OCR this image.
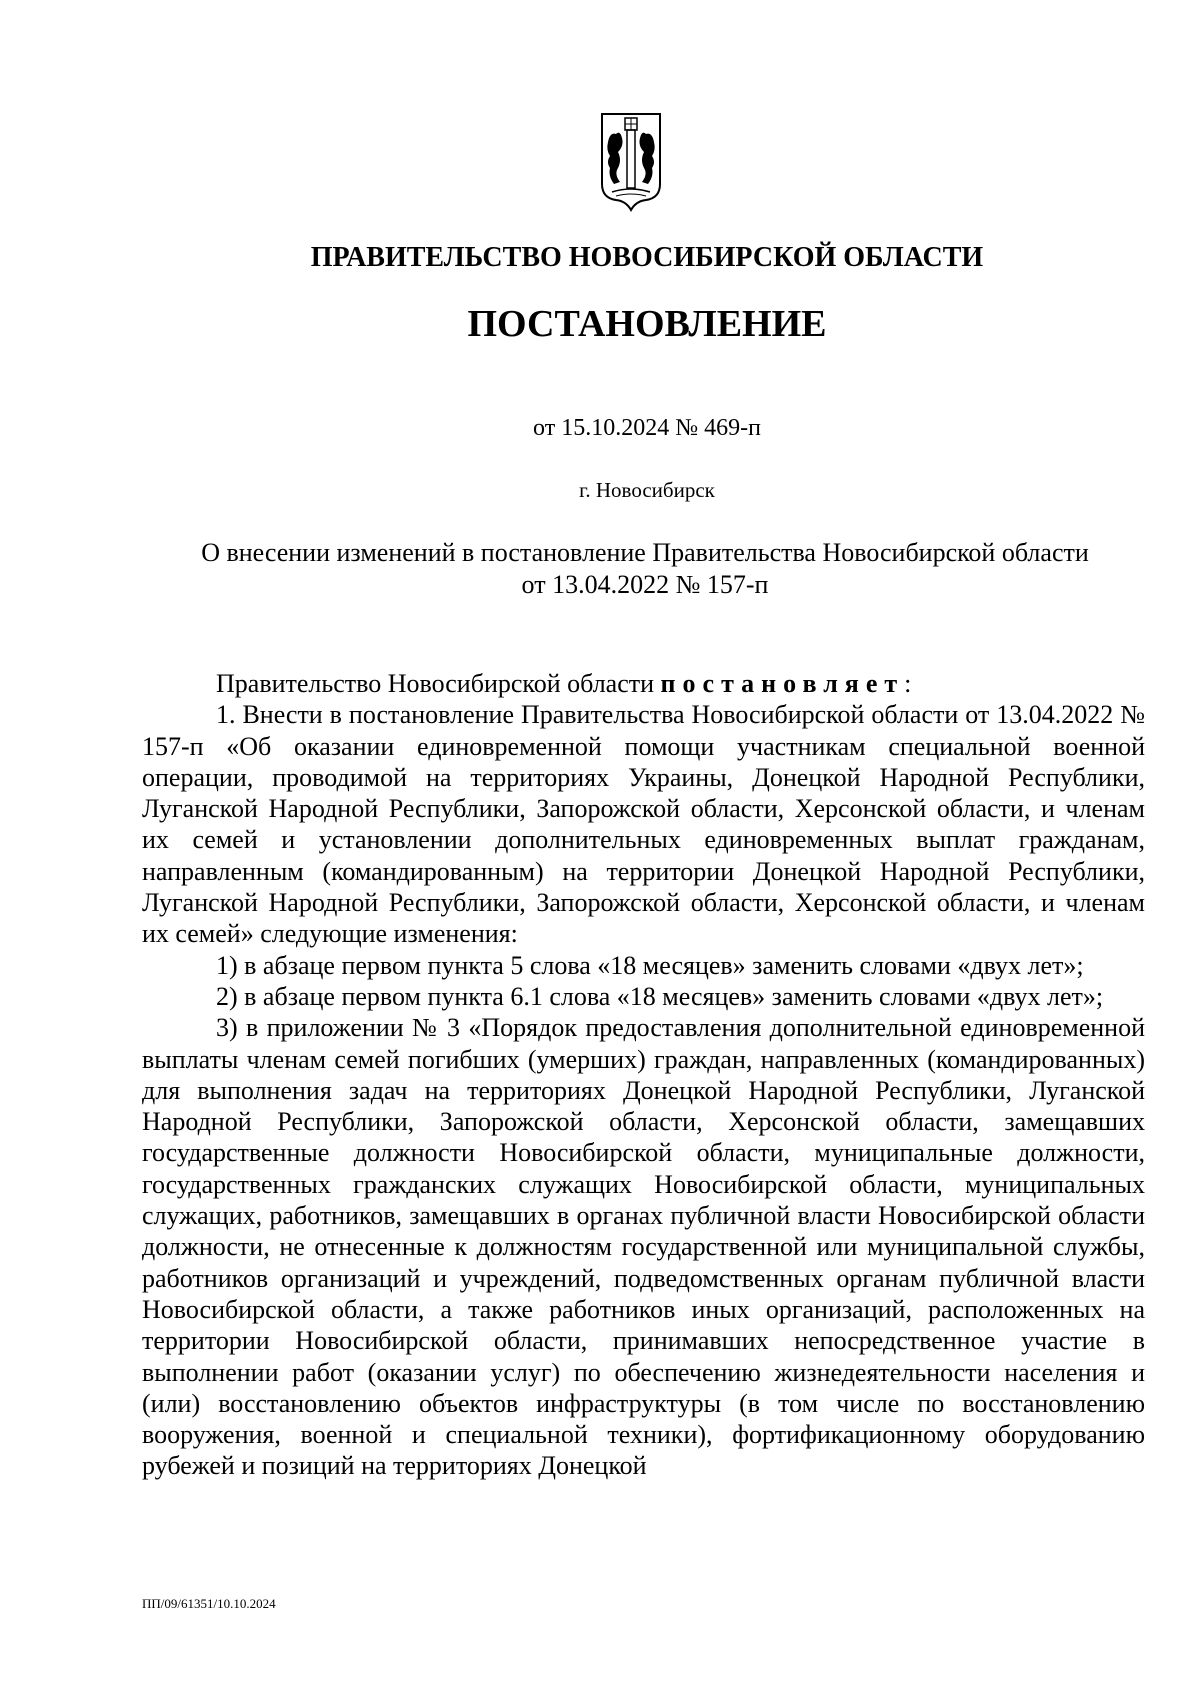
ПРАВИТЕЛЬСТВО НОВОСИБИРСКОЙ ОБЛАСТИ
ПОСТАНОВЛЕНИЕ
от 15.10.2024 № 469-п
г. Новосибирск
О внесении изменений в постановление Правительства Новосибирской области
от 13.04.2022 № 157-п

Правительство Новосибирской области постановляет:

1. Внести в постановление Правительства Новосибирской области от 13.04.2022 № 157-п «Об оказании единовременной помощи участникам специальной военной операции, проводимой на территориях Украины, Донецкой Народной Республики, Луганской Народной Республики, Запорожской области, Херсонской области, и членам их семей и установлении дополнительных единовременных выплат гражданам, направленным (командированным) на территории Донецкой Народной Республики, Луганской Народной Республики, Запорожской области, Херсонской области, и членам их семей» следующие изменения:

1) в абзаце первом пункта 5 слова «18 месяцев» заменить словами «двух лет»;

2) в абзаце первом пункта 6.1 слова «18 месяцев» заменить словами «двух лет»;

3) в приложении № 3 «Порядок предоставления дополнительной единовременной выплаты членам семей погибших (умерших) граждан, направленных (командированных) для выполнения задач на территориях Донецкой Народной Республики, Луганской Народной Республики, Запорожской области, Херсонской области, замещавших государственные должности Новосибирской области, муниципальные должности, государственных гражданских служащих Новосибирской области, муниципальных служащих, работников, замещавших в органах публичной власти Новосибирской области должности, не отнесенные к должностям государственной или муниципальной службы, работников организаций и учреждений, подведомственных органам публичной власти Новосибирской области, а также работников иных организаций, расположенных на территории Новосибирской области, принимавших непосредственное участие в выполнении работ (оказании услуг) по обеспечению жизнедеятельности населения и (или) восстановлению объектов инфраструктуры (в том числе по восстановлению вооружения, военной и специальной техники), фортификационному оборудованию рубежей и позиций на территориях Донецкой

ПП/09/61351/10.10.2024
